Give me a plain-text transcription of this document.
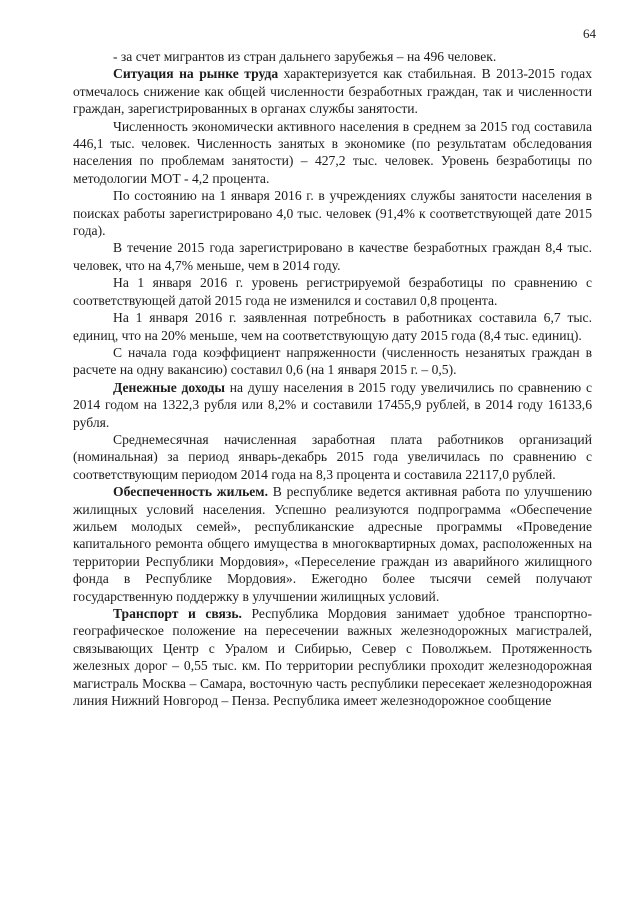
64

- за счет мигрантов из стран дальнего зарубежья – на 496 человек.

Ситуация на рынке труда характеризуется как стабильная. В 2013-2015 годах отмечалось снижение как общей численности безработных граждан, так и численности граждан, зарегистрированных в органах службы занятости.

Численность экономически активного населения в среднем за 2015 год составила 446,1 тыс. человек. Численность занятых в экономике (по результатам обследования населения по проблемам занятости) – 427,2 тыс. человек. Уровень безработицы по методологии МОТ - 4,2 процента.

По состоянию на 1 января 2016 г. в учреждениях службы занятости населения в поисках работы зарегистрировано 4,0 тыс. человек (91,4% к соответствующей дате 2015 года).

В течение 2015 года зарегистрировано в качестве безработных граждан 8,4 тыс. человек, что на 4,7% меньше, чем в 2014 году.

На 1 января 2016 г. уровень регистрируемой безработицы по сравнению с соответствующей датой 2015 года не изменился и составил 0,8 процента.

На 1 января 2016 г. заявленная потребность в работниках составила 6,7 тыс. единиц, что на 20% меньше, чем на соответствующую дату 2015 года (8,4 тыс. единиц).

С начала года коэффициент напряженности (численность незанятых граждан в расчете на одну вакансию) составил 0,6 (на 1 января 2015 г. – 0,5).

Денежные доходы на душу населения в 2015 году увеличились по сравнению с 2014 годом на 1322,3 рубля или 8,2% и составили 17455,9 рублей, в 2014 году 16133,6 рубля.

Среднемесячная начисленная заработная плата работников организаций (номинальная) за период январь-декабрь 2015 года увеличилась по сравнению с соответствующим периодом 2014 года на 8,3 процента и составила 22117,0 рублей.

Обеспеченность жильем. В республике ведется активная работа по улучшению жилищных условий населения. Успешно реализуются подпрограмма «Обеспечение жильем молодых семей», республиканские адресные программы «Проведение капитального ремонта общего имущества в многоквартирных домах, расположенных на территории Республики Мордовия», «Переселение граждан из аварийного жилищного фонда в Республике Мордовия». Ежегодно более тысячи семей получают государственную поддержку в улучшении жилищных условий.

Транспорт и связь. Республика Мордовия занимает удобное транспортно-географическое положение на пересечении важных железнодорожных магистралей, связывающих Центр с Уралом и Сибирью, Север с Поволжьем. Протяженность железных дорог – 0,55 тыс. км. По территории республики проходит железнодорожная магистраль Москва – Самара, восточную часть республики пересекает железнодорожная линия Нижний Новгород – Пенза. Республика имеет железнодорожное сообщение
